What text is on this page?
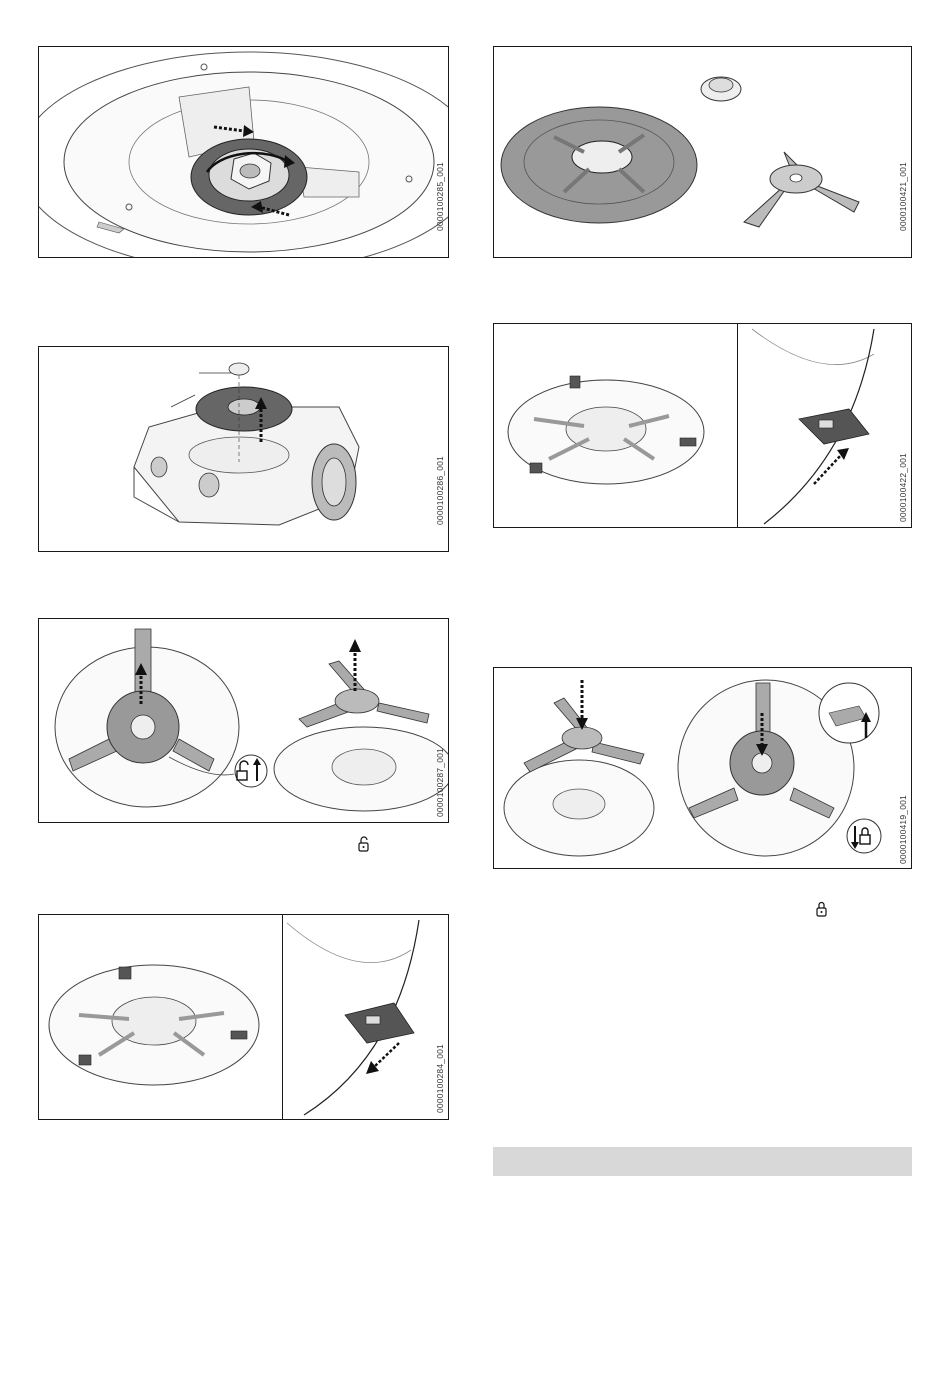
0000100285_001	0000100421_001
0000100286_001	0000100422_001
0000100287_001
0000100419_001
0000100284_001
